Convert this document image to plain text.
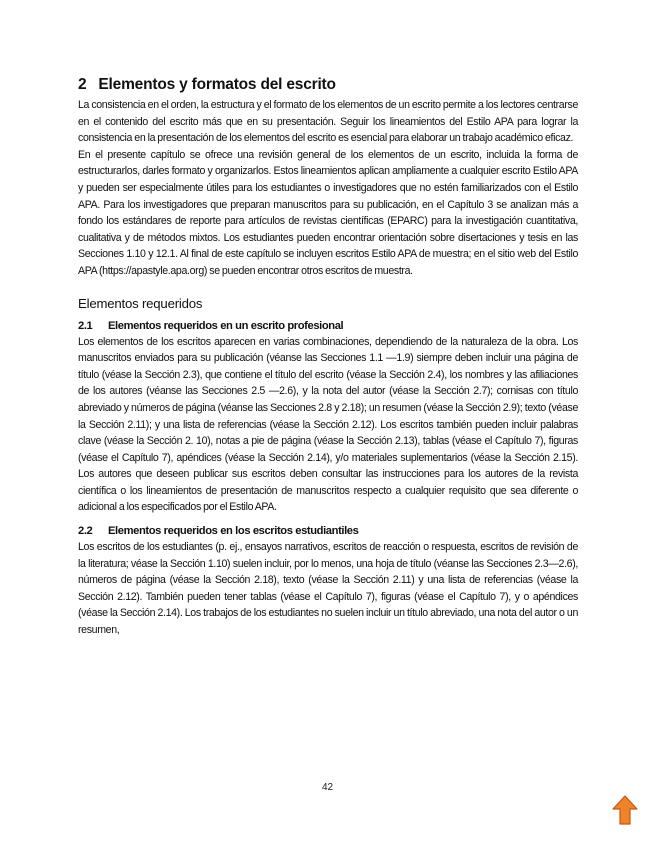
2 Elementos y formatos del escrito

La consistencia en el orden, la estructura y el formato de los elementos de un escrito permite a los lectores centrarse en el contenido del escrito más que en su presentación. Seguir los lineamientos del Estilo APA para lograr la consistencia en la presentación de los elementos del escrito es esencial para elaborar un trabajo académico eficaz.

En el presente capítulo se ofrece una revisión general de los elementos de un escrito, incluida la forma de estructurarlos, darles formato y organizarlos. Estos lineamientos aplican ampliamente a cualquier escrito Estilo APA y pueden ser especialmente útiles para los estudiantes o investigadores que no estén familiarizados con el Estilo APA. Para los investigadores que preparan manuscritos para su publicación, en el Capítulo 3 se analizan más a fondo los estándares de reporte para artículos de revistas científicas (EPARC) para la investigación cuantitativa, cualitativa y de métodos mixtos. Los estudiantes pueden encontrar orientación sobre disertaciones y tesis en las Secciones 1.10 y 12.1. Al final de este capítulo se incluyen escritos Estilo APA de muestra; en el sitio web del Estilo APA (https://apastyle.apa.org) se pueden encontrar otros escritos de muestra.

Elementos requeridos
2.1 Elementos requeridos en un escrito profesional

Los elementos de los escritos aparecen en varias combinaciones, dependiendo de la naturaleza de la obra. Los manuscritos enviados para su publicación (véanse las Secciones 1.1 —1.9) siempre deben incluir una página de título (véase la Sección 2.3), que contiene el título del escrito (véase la Sección 2.4), los nombres y las afiliaciones de los autores (véanse las Secciones 2.5 —2.6), y la nota del autor (véase la Sección 2.7); cornisas con título abreviado y números de página (véanse las Secciones 2.8 y 2.18); un resumen (véase la Sección 2.9); texto (véase la Sección 2.11); y una lista de referencias (véase la Sección 2.12). Los escritos también pueden incluir palabras clave (véase la Sección 2. 10), notas a pie de página (véase la Sección 2.13), tablas (véase el Capítulo 7), figuras (véase el Capítulo 7), apéndices (véase la Sección 2.14), y/o materiales suplementarios (véase la Sección 2.15). Los autores que deseen publicar sus escritos deben consultar las instrucciones para los autores de la revista científica o los lineamientos de presentación de manuscritos respecto a cualquier requisito que sea diferente o adicional a los especificados por el Estilo APA.

2.2 Elementos requeridos en los escritos estudiantiles

Los escritos de los estudiantes (p. ej., ensayos narrativos, escritos de reacción o respuesta, escritos de revisión de la literatura; véase la Sección 1.10) suelen incluir, por lo menos, una hoja de título (véanse las Secciones 2.3—2.6), números de página (véase la Sección 2.18), texto (véase la Sección 2.11) y una lista de referencias (véase la Sección 2.12). También pueden tener tablas (véase el Capítulo 7), figuras (véase el Capítulo 7), y o apéndices (véase la Sección 2.14). Los trabajos de los estudiantes no suelen incluir un título abreviado, una nota del autor o un resumen,

42
